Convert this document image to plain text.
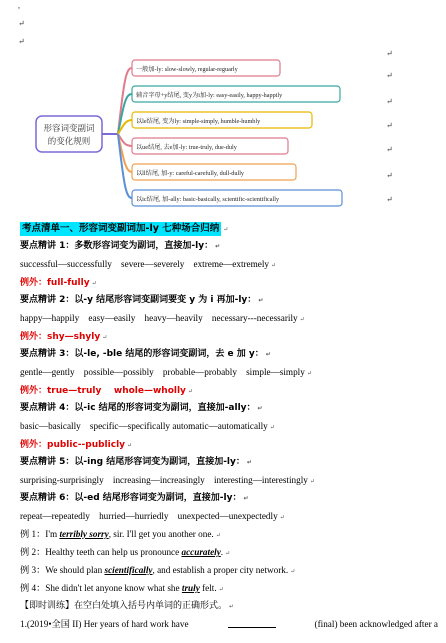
,
↵
↵
↵
↵
↵
↵
↵
↵
↵
形容词变副词
的变化规则
一般加-ly: slow-slowly, regular-reguarly
辅音字母+y结尾, 变y为i加-ly: easy-easily, happy-happily
以le结尾, 变为ly: simple-simply, humble-humbly
以ue结尾, 去e加-ly: true-truly, due-duly
以ll结尾, 加-y: careful-carefully, dull-dully
以ic结尾, 加-ally: basic-basically, scientific-scientifically
考点清单一、形容词变副词加-ly 七种场合归纳 ↵
要点精讲 1：多数形容词变为副词，直接加-ly： ↵
successful—successfully severe—severely extreme—extremely ↵
例外：full-fully ↵
要点精讲 2：以-y 结尾形容词变副词要变 y 为 i 再加-ly： ↵
happy—happily easy—easily heavy—heavily necessary---necessarily ↵
例外：shy—shyly ↵
要点精讲 3：以-le, -ble 结尾的形容词变副词，去 e 加 y： ↵
gentle—gently possible—possibly probable—probably simple—simply ↵
例外：true—truly    whole—wholly ↵
要点精讲 4：以-ic 结尾的形容词变为副词，直接加-ally： ↵
basic—basically specific—specifically automatic—automatically ↵
例外：public--publicly ↵
要点精讲 5：以-ing 结尾形容词变为副词，直接加-ly： ↵
surprising-surprisingly increasing—increasingly interesting—interestingly ↵
要点精讲 6：以-ed 结尾形容词变为副词，直接加-ly： ↵
repeat—repeatedly hurried—hurriedly unexpected—unexpectedly ↵
例 1：I'm terribly sorry, sir. I'll get you another one. ↵
例 2：Healthy teeth can help us pronounce accurately. ↵
例 3：We should plan scientifically, and establish a proper city network. ↵
例 4：She didn't let anyone know what she truly felt. ↵
【即时训练】在空白处填入括号内单词的正确形式。 ↵
1.(2019•全国 II) Her years of hard work have	(final) been acknowledged after a
